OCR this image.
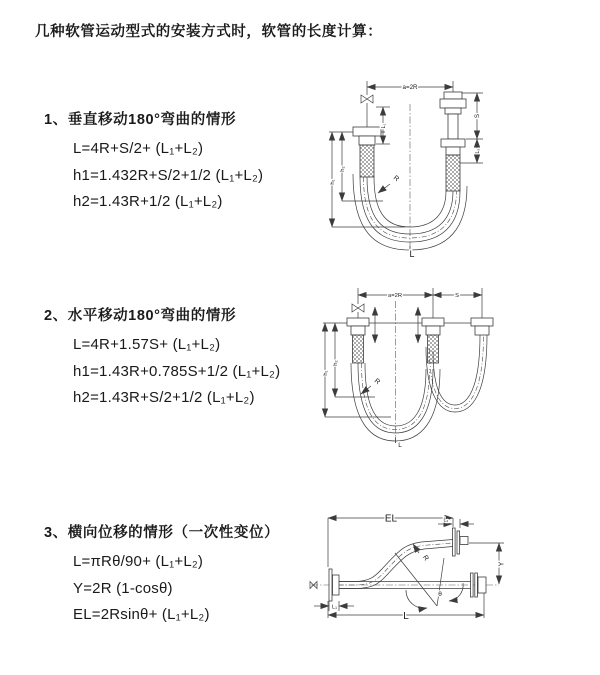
几种软管运动型式的安装方式时，软管的长度计算：
1、垂直移动180°弯曲的情形

L=4R+S/2+ (L₁+L₂)

h1=1.432R+S/2+1/2 (L₁+L₂)

h2=1.43R+1/2 (L₁+L₂)

2、水平移动180°弯曲的情形

L=4R+1.57S+ (L₁+L₂)

h1=1.43R+0.785S+1/2 (L₁+L₂)

h2=1.43R+S/2+1/2 (L₁+L₂)

3、横向位移的情形（一次性变位）

L=πRθ/90+ (L₁+L₂)

Y=2R (1-cosθ)

EL=2Rsinθ+ (L₁+L₂)

a=2R
S
L₂
L₁
h₁
h₂
R
L
a=2R	S
h₁
h₂
R
L
EL	L₂
Y
R
θ
L₁
L
